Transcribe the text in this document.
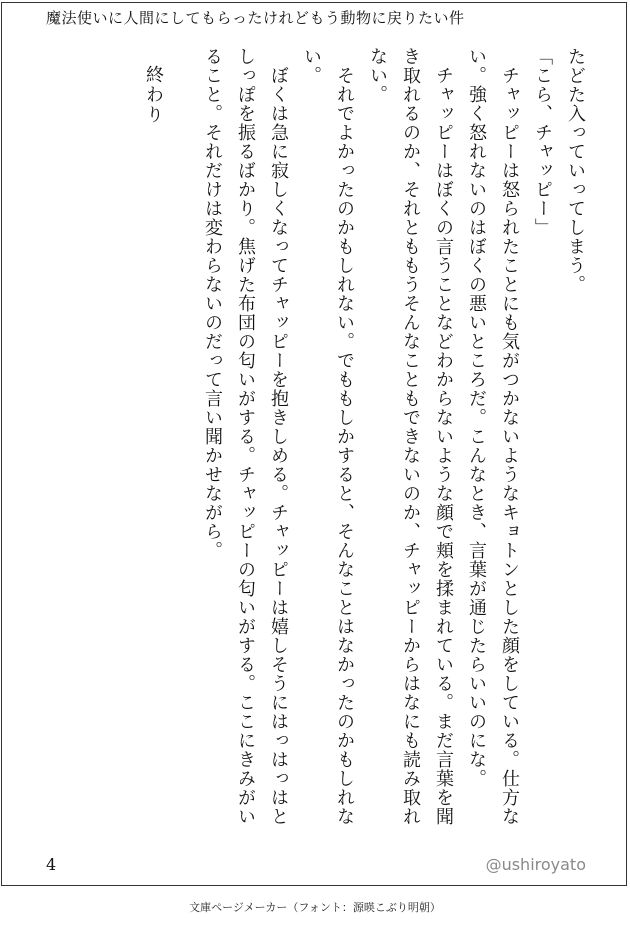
魔法使いに人間にしてもらったけれどもう動物に戻りたい件

たどた入っていってしまう。

「こら、チャッピー」

　チャッピーは怒られたことにも気がつかないようなキョトンとした顔をしている。仕方ない。強く怒れないのはぼくの悪いところだ。こんなとき、言葉が通じたらいいのにな。

　チャッピーはぼくの言うことなどわからないような顔で頬を揉まれている。まだ言葉を聞き取れるのか、それとももうそんなこともできないのか、チャッピーからはなにも読み取れない。

　それでよかったのかもしれない。でももしかすると、そんなことはなかったのかもしれない。

　ぼくは急に寂しくなってチャッピーを抱きしめる。チャッピーは嬉しそうにはっはっはとしっぽを振るばかり。焦げた布団の匂いがする。チャッピーの匂いがする。ここにきみがいること。それだけは変わらないのだって言い聞かせながら。

終わり
4	@ushiroyato
文庫ページメーカー（フォント：源暎こぶり明朝）
